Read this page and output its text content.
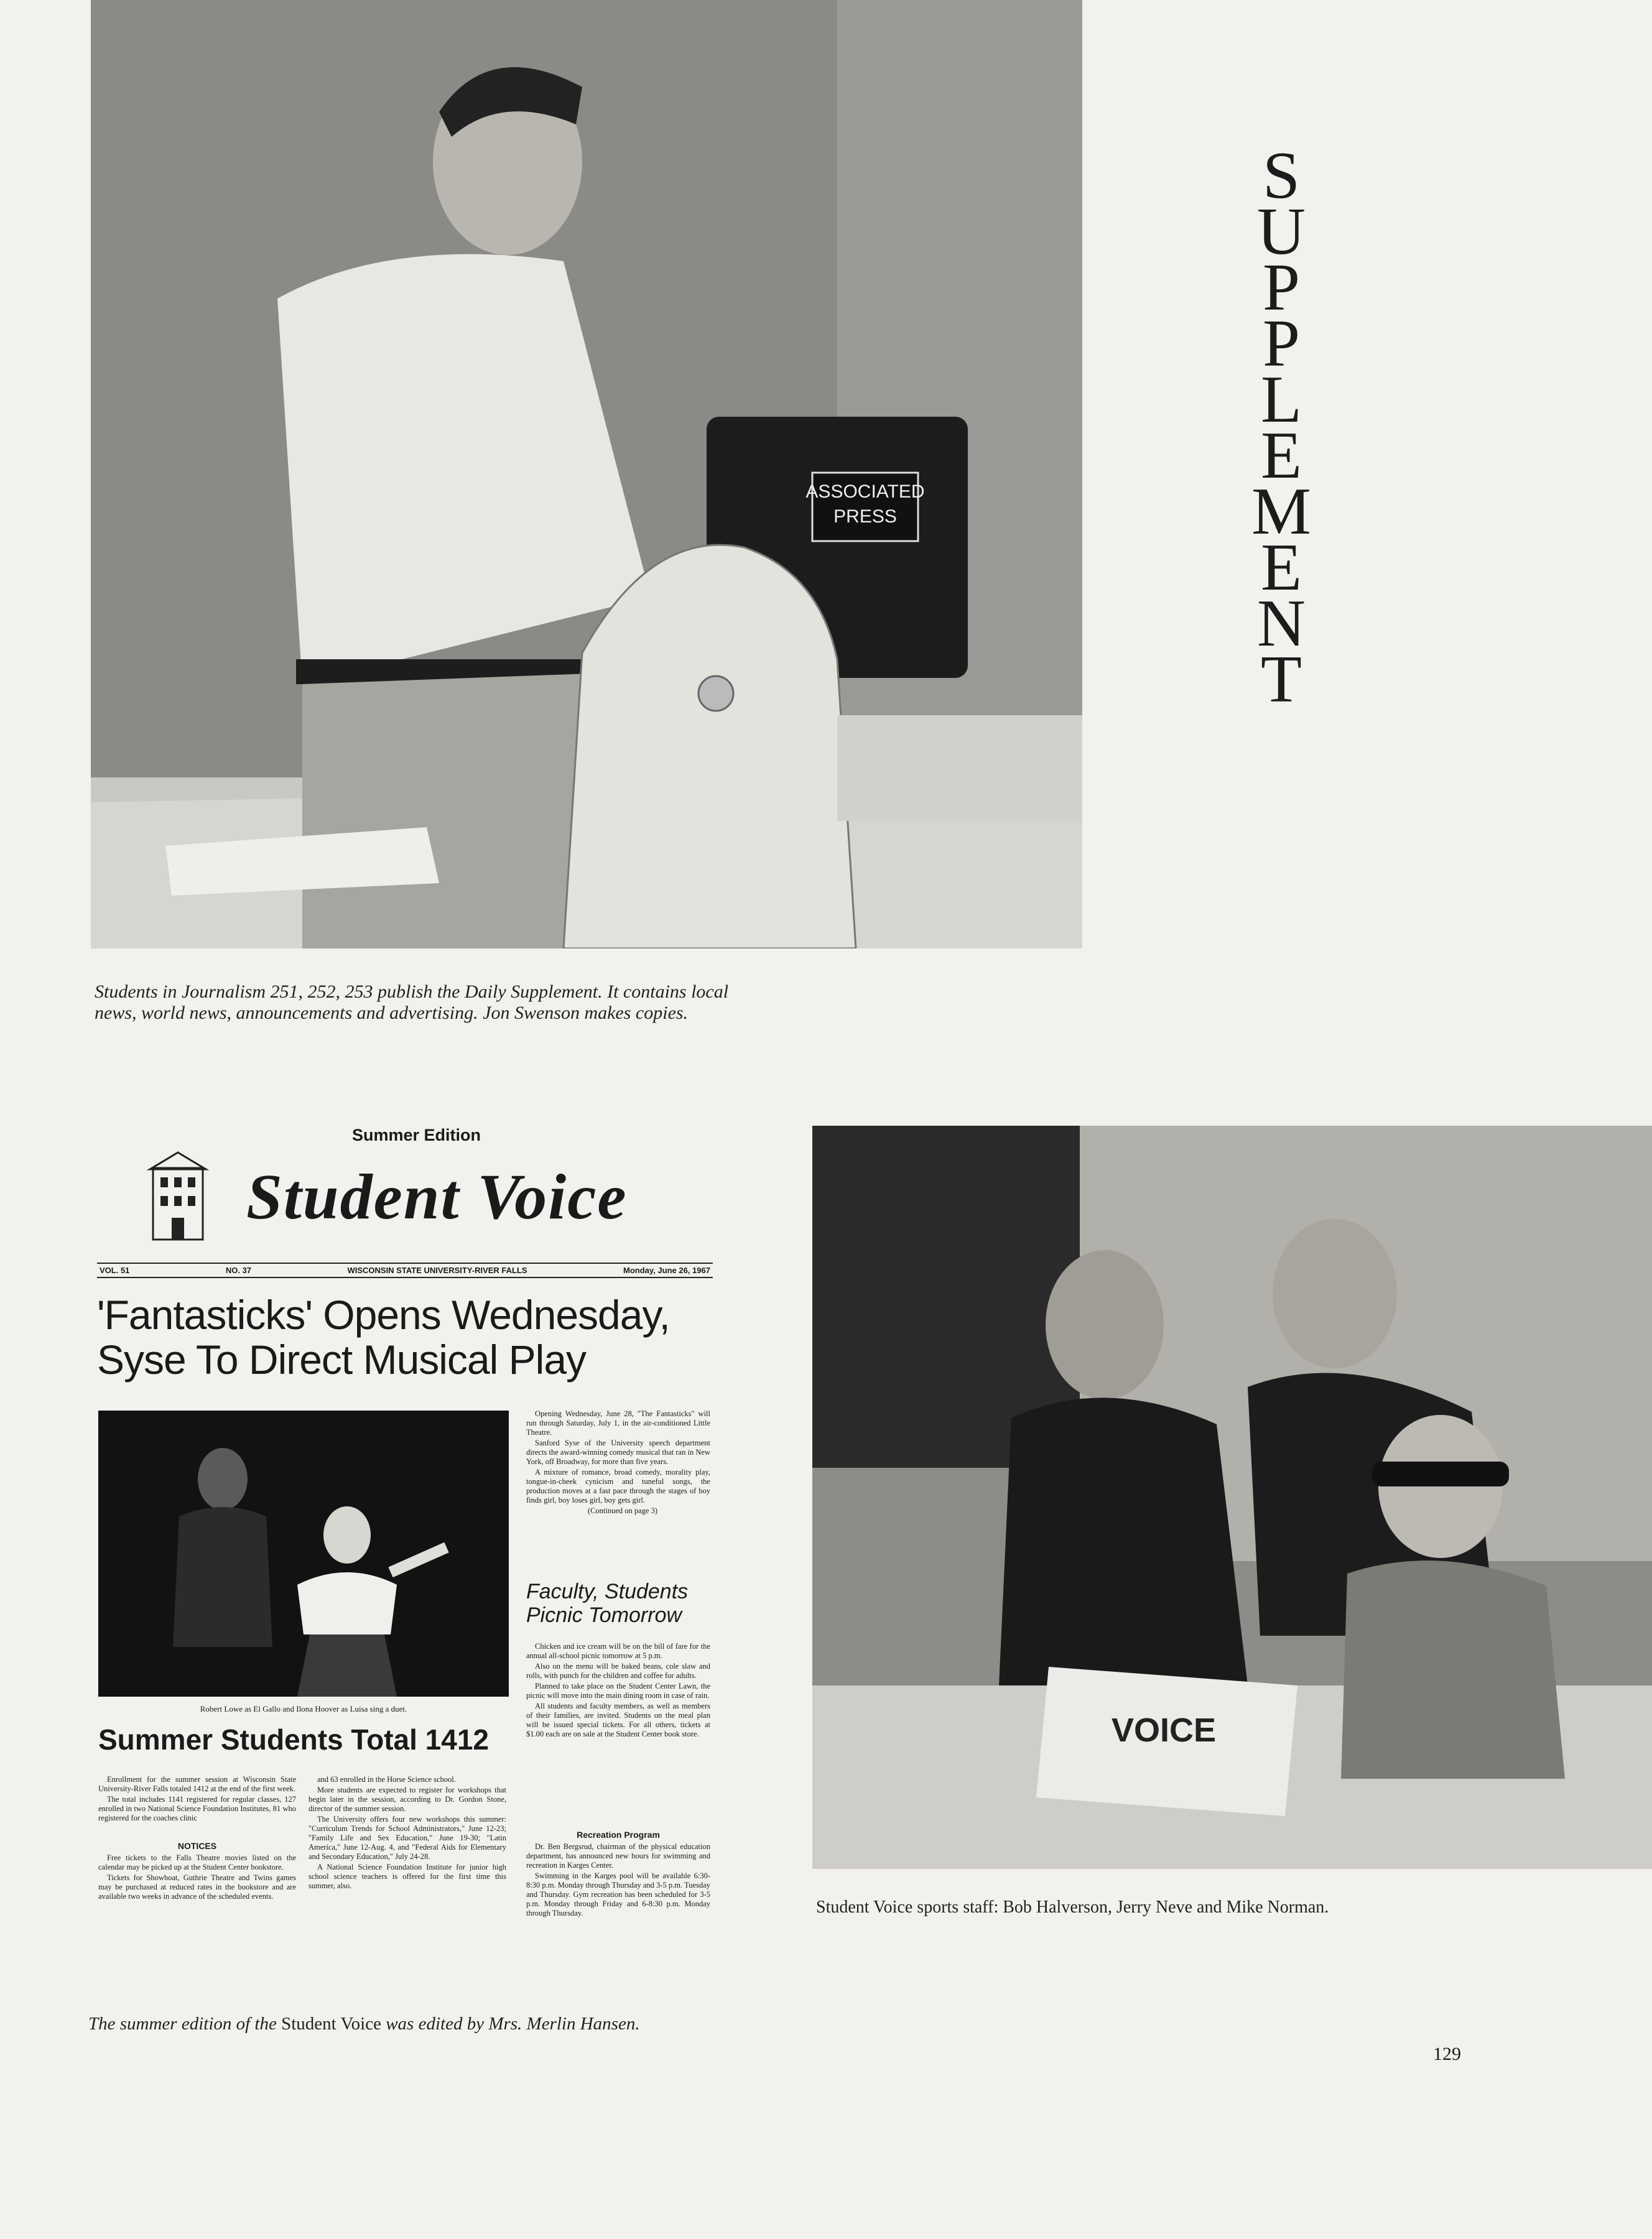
ASSOCIATED
PRESS
S
U
P
P
L
E
M
E
N
T
Students in Journalism 251, 252, 253 publish the Daily Supplement. It contains local news, world news, announcements and advertising. Jon Swenson makes copies.
Summer Edition
Student Voice
VOL. 51	NO. 37	WISCONSIN STATE UNIVERSITY-RIVER FALLS	Monday, June 26, 1967
'Fantasticks' Opens Wednesday,
Syse To Direct Musical Play
Robert Lowe as El Gallo and Ilona Hoover as Luisa sing a duet.

Opening Wednesday, June 28, "The Fantasticks" will run through Saturday, July 1, in the air-conditioned Little Theatre.

Sanford Syse of the University speech department directs the award-winning comedy musical that ran in New York, off Broadway, for more than five years.

A mixture of romance, broad comedy, morality play, tongue-in-cheek cynicism and tuneful songs, the production moves at a fast pace through the stages of boy finds girl, boy loses girl, boy gets girl.

(Continued on page 3)

Faculty, Students Picnic Tomorrow

Chicken and ice cream will be on the bill of fare for the annual all-school picnic tomorrow at 5 p.m.

Also on the menu will be baked beans, cole slaw and rolls, with punch for the children and coffee for adults.

Planned to take place on the Student Center Lawn, the picnic will move into the main dining room in case of rain.

All students and faculty members, as well as members of their families, are invited. Students on the meal plan will be issued special tickets. For all others, tickets at $1.00 each are on sale at the Student Center book store.

Recreation Program

Dr. Ben Bergsrud, chairman of the physical education department, has announced new hours for swimming and recreation in Karges Center.

Swimming in the Karges pool will be available 6:30-8:30 p.m. Monday through Thursday and 3-5 p.m. Tuesday and Thursday. Gym recreation has been scheduled for 3-5 p.m. Monday through Friday and 6-8:30 p.m. Monday through Thursday.

Summer Students Total 1412

Enrollment for the summer session at Wisconsin State University-River Falls totaled 1412 at the end of the first week.

The total includes 1141 registered for regular classes, 127 enrolled in two National Science Foundation Institutes, 81 who registered for the coaches clinic

and 63 enrolled in the Horse Science school.

More students are expected to register for workshops that begin later in the session, according to Dr. Gordon Stone, director of the summer session.

The University offers four new workshops this summer: "Curriculum Trends for School Administrators," June 12-23; "Family Life and Sex Education," June 19-30; "Latin America," June 12-Aug. 4, and "Federal Aids for Elementary and Secondary Education," July 24-28.

A National Science Foundation Institute for junior high school science teachers is offered for the first time this summer, also.

NOTICES

Free tickets to the Falls Theatre movies listed on the calendar may be picked up at the Student Center bookstore.

Tickets for Showboat, Guthrie Theatre and Twins games may be purchased at reduced rates in the bookstore and are available two weeks in advance of the scheduled events.

VOICE
Student Voice sports staff: Bob Halverson, Jerry Neve and Mike Norman.
The summer edition of the Student Voice was edited by Mrs. Merlin Hansen.
129
